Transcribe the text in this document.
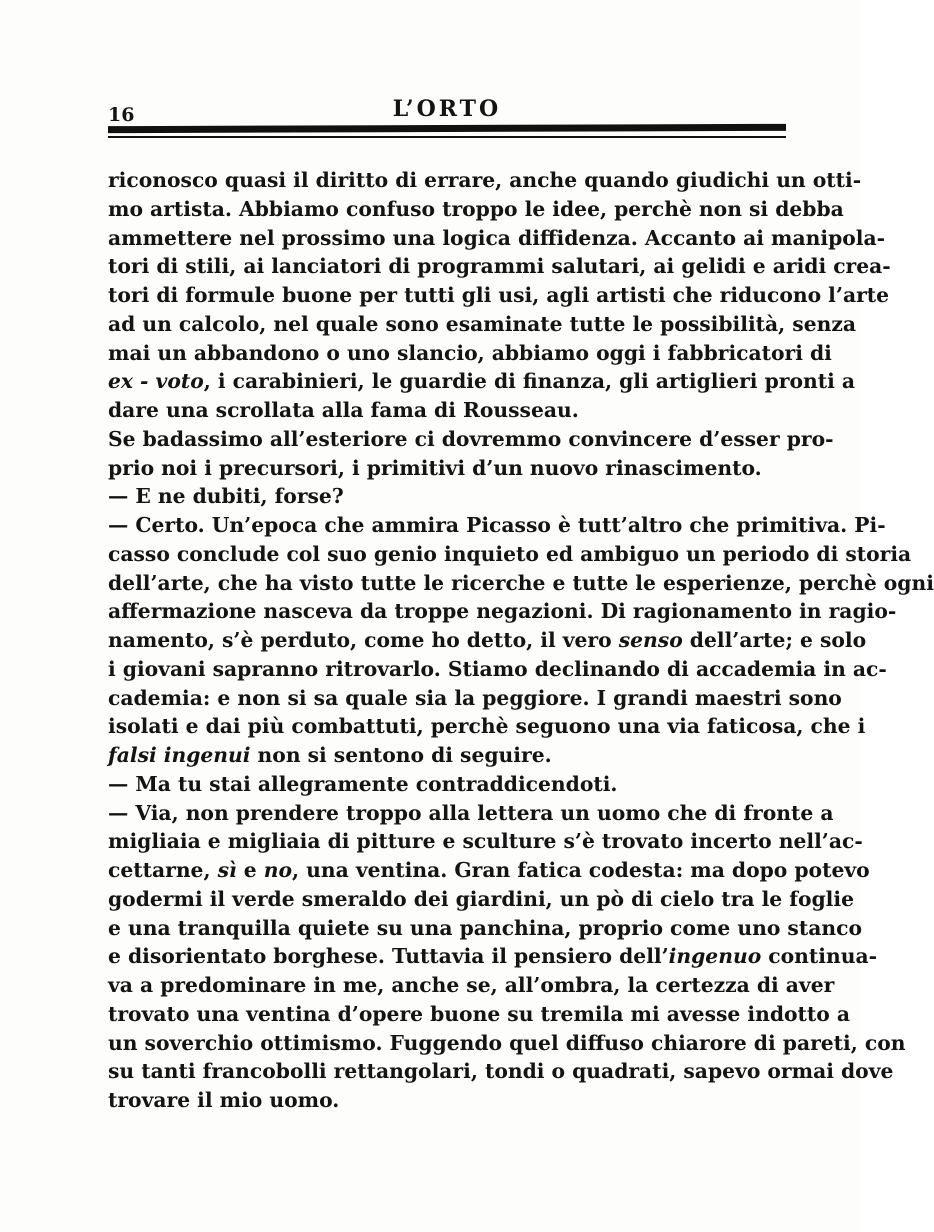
16	L’ORTO
riconosco quasi il diritto di errare, anche quando giudichi un otti-
mo artista. Abbiamo confuso troppo le idee, perchè non si debba
ammettere nel prossimo una logica diffidenza. Accanto ai manipola-
tori di stili, ai lanciatori di programmi salutari, ai gelidi e aridi crea-
tori di formule buone per tutti gli usi, agli artisti che riducono l’arte
ad un calcolo, nel quale sono esaminate tutte le possibilità, senza
mai un abbandono o uno slancio, abbiamo oggi i fabbricatori di
ex - voto, i carabinieri, le guardie di finanza, gli artiglieri pronti a
dare una scrollata alla fama di Rousseau.
Se badassimo all’esteriore ci dovremmo convincere d’esser pro-
prio noi i precursori, i primitivi d’un nuovo rinascimento.
— E ne dubiti, forse?
— Certo. Un’epoca che ammira Picasso è tutt’altro che primitiva. Pi-
casso conclude col suo genio inquieto ed ambiguo un periodo di storia
dell’arte, che ha visto tutte le ricerche e tutte le esperienze, perchè ogni
affermazione nasceva da troppe negazioni. Di ragionamento in ragio-
namento, s’è perduto, come ho detto, il vero senso dell’arte; e solo
i giovani sapranno ritrovarlo. Stiamo declinando di accademia in ac-
cademia: e non si sa quale sia la peggiore. I grandi maestri sono
isolati e dai più combattuti, perchè seguono una via faticosa, che i
falsi ingenui non si sentono di seguire.
— Ma tu stai allegramente contraddicendoti.
— Via, non prendere troppo alla lettera un uomo che di fronte a
migliaia e migliaia di pitture e sculture s’è trovato incerto nell’ac-
cettarne, sì e no, una ventina. Gran fatica codesta: ma dopo potevo
godermi il verde smeraldo dei giardini, un pò di cielo tra le foglie
e una tranquilla quiete su una panchina, proprio come uno stanco
e disorientato borghese. Tuttavia il pensiero dell’ingenuo continua-
va a predominare in me, anche se, all’ombra, la certezza di aver
trovato una ventina d’opere buone su tremila mi avesse indotto a
un soverchio ottimismo. Fuggendo quel diffuso chiarore di pareti, con
su tanti francobolli rettangolari, tondi o quadrati, sapevo ormai dove
trovare il mio uomo.
